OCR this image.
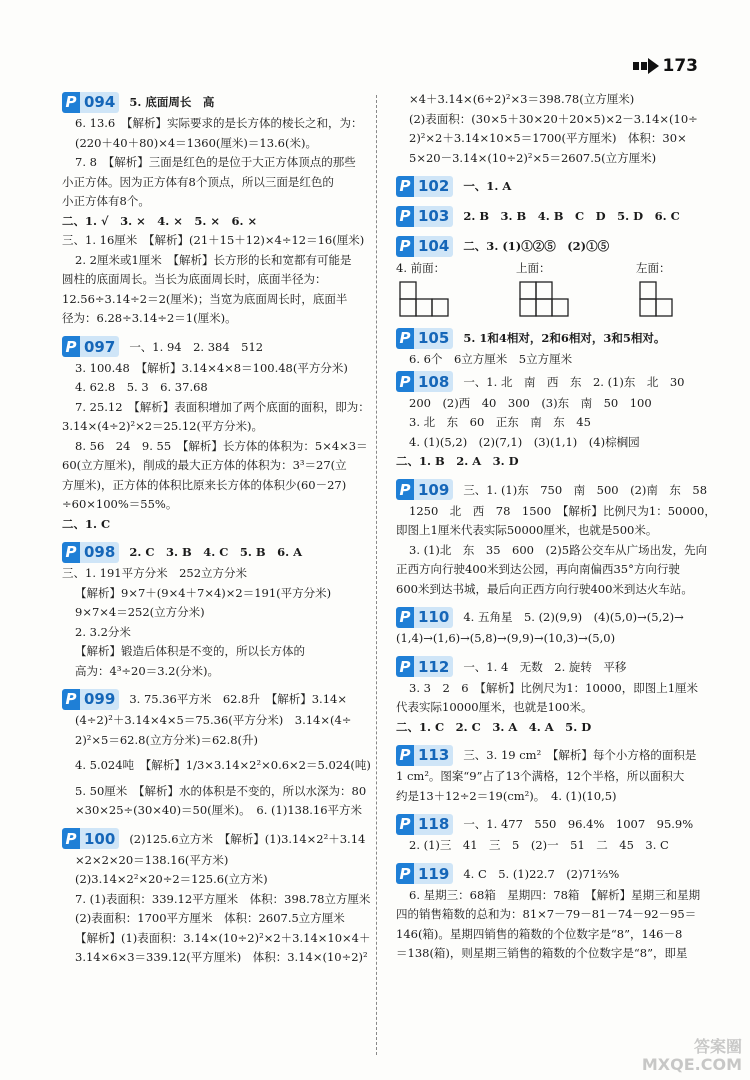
173
P 094	5. 底面周长　高
6. 13.6　【解析】实际要求的是长方体的棱长之和，为：
(220＋40＋80)×4＝1360(厘米)＝13.6(米)。
7. 8　【解析】三面是红色的是位于大正方体顶点的那些
小正方体。因为正方体有8个顶点，所以三面是红色的
小正方体有8个。
二、1. √　3. ×　4. ×　5. ×　6. ×
三、1. 16厘米　【解析】(21＋15＋12)×4÷12＝16(厘米)
2. 2厘米或1厘米　【解析】长方形的长和宽都有可能是
圆柱的底面周长。当长为底面周长时，底面半径为：
12.56÷3.14÷2＝2(厘米)；当宽为底面周长时，底面半
径为：6.28÷3.14÷2＝1(厘米)。
P 097	一、1. 94　2. 384　512
3. 100.48　【解析】3.14×4×8＝100.48(平方分米)
4. 62.8　5. 3　6. 37.68
7. 25.12　【解析】表面积增加了两个底面的面积，即为：
3.14×(4÷2)²×2＝25.12(平方分米)。
8. 56　24　9. 55　【解析】长方体的体积为：5×4×3＝
60(立方厘米)，削成的最大正方体的体积为：3³＝27(立
方厘米)，正方体的体积比原来长方体的体积少(60－27)
÷60×100%＝55%。
二、1. C
P 098	2. C　3. B　4. C　5. B　6. A
三、1. 191平方分米　252立方分米
【解析】9×7＋(9×4＋7×4)×2＝191(平方分米)
9×7×4＝252(立方分米)
2. 3.2分米
【解析】锻造后体积是不变的，所以长方体的
高为：4³÷20＝3.2(分米)。
P 099	3. 75.36平方米　62.8升　【解析】3.14×
(4÷2)²＋3.14×4×5＝75.36(平方分米)　3.14×(4÷
2)²×5＝62.8(立方分米)＝62.8(升)
4. 5.024吨　【解析】1/3×3.14×2²×0.6×2＝5.024(吨)
5. 50厘米　【解析】水的体积是不变的，所以水深为：80
×30×25÷(30×40)＝50(厘米)。　6. (1)138.16平方米
P 100	(2)125.6立方米　【解析】(1)3.14×2²＋3.14
×2×2×20＝138.16(平方米)
(2)3.14×2²×20÷2＝125.6(立方米)
7. (1)表面积：339.12平方厘米　体积：398.78立方厘米
(2)表面积：1700平方厘米　体积：2607.5立方厘米
【解析】(1)表面积：3.14×(10÷2)²×2＋3.14×10×4＋
3.14×6×3＝339.12(平方厘米)　体积：3.14×(10÷2)²
×4＋3.14×(6÷2)²×3＝398.78(立方厘米)
(2)表面积：(30×5＋30×20＋20×5)×2－3.14×(10÷
2)²×2＋3.14×10×5＝1700(平方厘米)　体积：30×
5×20－3.14×(10÷2)²×5＝2607.5(立方厘米)
P 102	一、1. A
P 103	2. B　3. B　4. B　C　D　5. D　6. C
P 104	二、3. (1)①②⑤　(2)①⑤
4. 前面：	上面：	左面：
P 105	5. 1和4相对，2和6相对，3和5相对。
6. 6个　6立方厘米　5立方厘米
P 108	一、1. 北　南　西　东　2. (1)东　北　30
200　(2)西　40　300　(3)东　南　50　100
3. 北　东　60　正东　南　东　45
4. (1)(5,2)　(2)(7,1)　(3)(1,1)　(4)棕榈园
二、1. B　2. A　3. D
P 109	三、1. (1)东　750　南　500　(2)南　东　58
1250　北　西　78　1500　【解析】比例尺为1：50000，
即图上1厘米代表实际50000厘米，也就是500米。
3. (1)北　东　35　600　(2)5路公交车从广场出发，先向
正西方向行驶400米到达公园，再向南偏西35°方向行驶
600米到达书城，最后向正西方向行驶400米到达火车站。
P 110	4. 五角星　5. (2)(9,9)　(4)(5,0)→(5,2)→
(1,4)→(1,6)→(5,8)→(9,9)→(10,3)→(5,0)
P 112	一、1. 4　无数　2. 旋转　平移
3. 3　2　6　【解析】比例尺为1：10000，即图上1厘米
代表实际10000厘米，也就是100米。
二、1. C　2. C　3. A　4. A　5. D
P 113	三、3. 19 cm²　【解析】每个小方格的面积是
1 cm²。图案“9”占了13个满格，12个半格，所以面积大
约是13＋12÷2＝19(cm²)。　4. (1)(10,5)
P 118	一、1. 477　550　96.4%　1007　95.9%
2. (1)三　41　三　5　(2)一　51　二　45　3. C
P 119	4. C　5. (1)22.7　(2)71⅔%
6. 星期三：68箱　星期四：78箱　【解析】星期三和星期
四的销售箱数的总和为：81×7－79－81－74－92－95＝
146(箱)。星期四销售的箱数的个位数字是“8”，146－8
＝138(箱)，则星期三销售的箱数的个位数字是“8”，即星
答案圈
MXQE.COM
